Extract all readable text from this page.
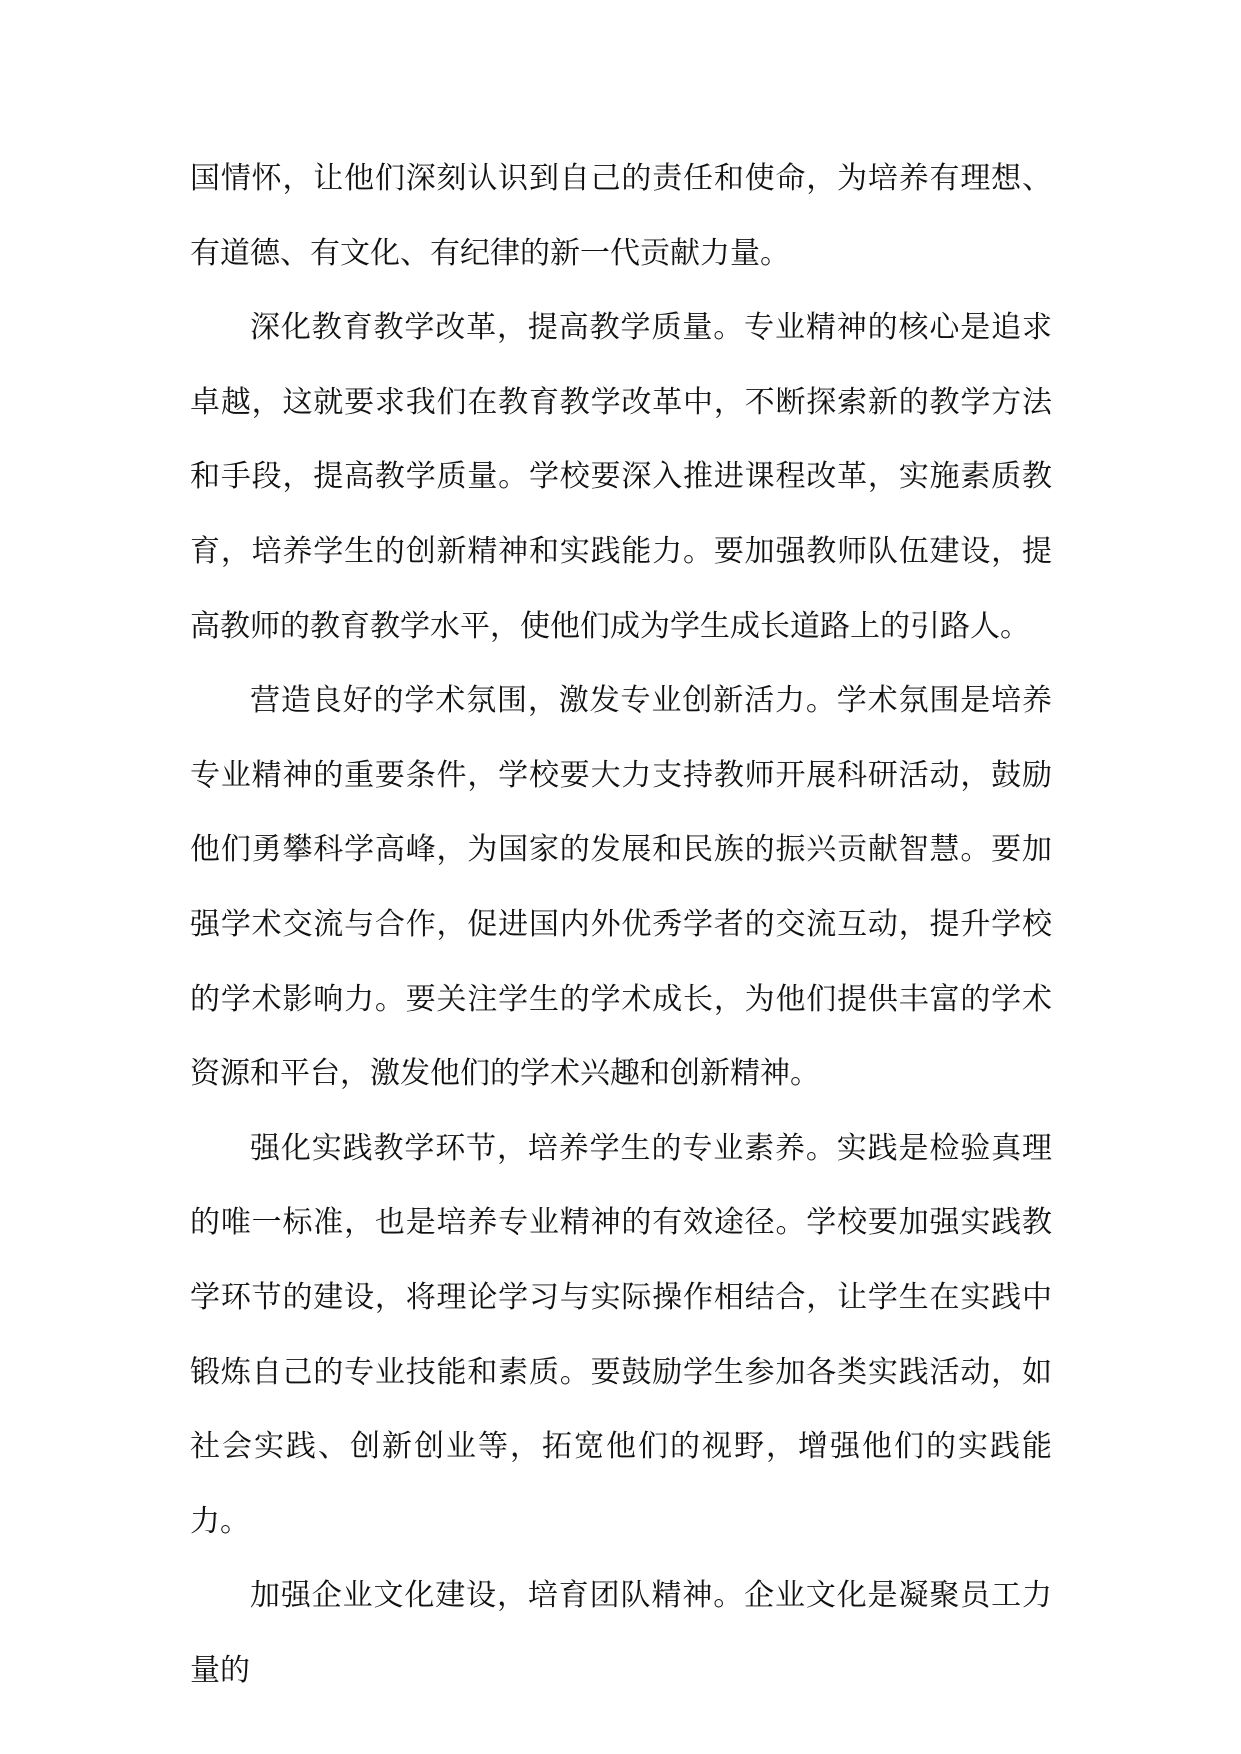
国情怀，让他们深刻认识到自己的责任和使命，为培养有理想、有道德、有文化、有纪律的新一代贡献力量。

深化教育教学改革，提高教学质量。专业精神的核心是追求卓越，这就要求我们在教育教学改革中，不断探索新的教学方法和手段，提高教学质量。学校要深入推进课程改革，实施素质教育，培养学生的创新精神和实践能力。要加强教师队伍建设，提高教师的教育教学水平，使他们成为学生成长道路上的引路人。

营造良好的学术氛围，激发专业创新活力。学术氛围是培养专业精神的重要条件，学校要大力支持教师开展科研活动，鼓励他们勇攀科学高峰，为国家的发展和民族的振兴贡献智慧。要加强学术交流与合作，促进国内外优秀学者的交流互动，提升学校的学术影响力。要关注学生的学术成长，为他们提供丰富的学术资源和平台，激发他们的学术兴趣和创新精神。

强化实践教学环节，培养学生的专业素养。实践是检验真理的唯一标准，也是培养专业精神的有效途径。学校要加强实践教学环节的建设，将理论学习与实际操作相结合，让学生在实践中锻炼自己的专业技能和素质。要鼓励学生参加各类实践活动，如社会实践、创新创业等，拓宽他们的视野，增强他们的实践能力。

加强企业文化建设，培育团队精神。企业文化是凝聚员工力量的
